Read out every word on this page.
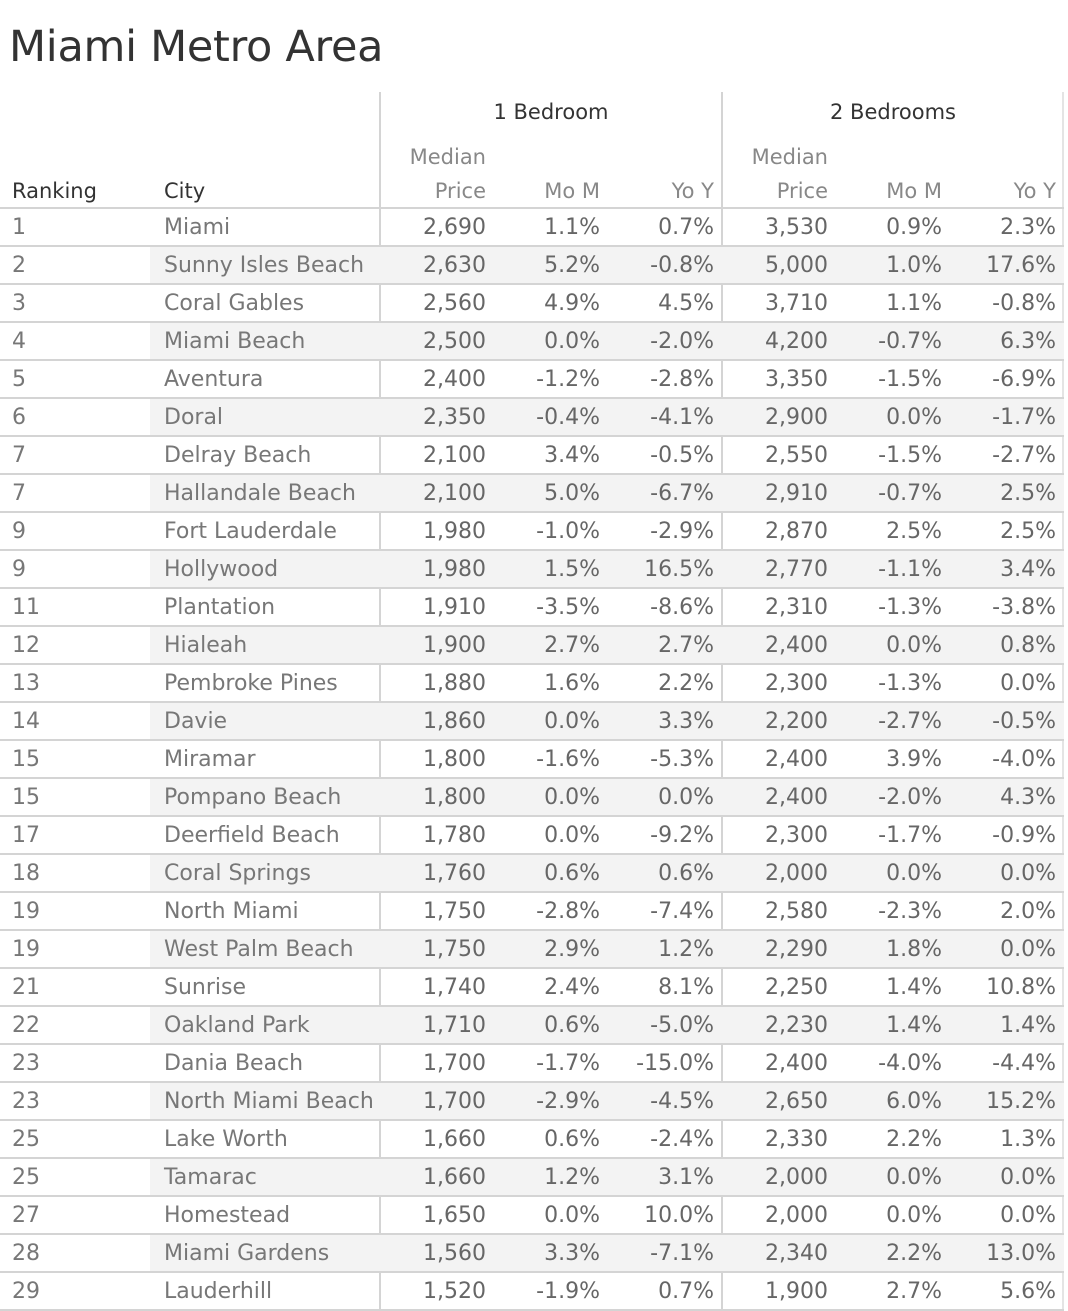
Miami Metro Area
1 Bedroom	2 Bedrooms
Ranking	City
Median
Price	Mo M	Yo Y
Median
Price	Mo M	Yo Y
1	Miami	2,690	1.1%	0.7% 3,530	0.9%	2.3%
2	Sunny Isles Beach	2,630	5.2% -0.8% 5,000	1.0% 17.6%
3	Coral Gables	2,560	4.9%	4.5% 3,710	1.1% -0.8%
4	Miami Beach	2,500	0.0% -2.0% 4,200 -0.7%	6.3%
5	Aventura	2,400 -1.2% -2.8% 3,350 -1.5% -6.9%
6	Doral	2,350 -0.4% -4.1% 2,900	0.0% -1.7%
7	Delray Beach	2,100	3.4% -0.5% 2,550 -1.5% -2.7%
7	Hallandale Beach	2,100	5.0% -6.7% 2,910 -0.7%	2.5%
9	Fort Lauderdale	1,980 -1.0% -2.9% 2,870	2.5%	2.5%
9	Hollywood	1,980	1.5% 16.5% 2,770 -1.1%	3.4%
11	Plantation	1,910 -3.5% -8.6% 2,310 -1.3% -3.8%
12	Hialeah	1,900	2.7%	2.7% 2,400	0.0%	0.8%
13	Pembroke Pines	1,880	1.6%	2.2% 2,300 -1.3%	0.0%
14	Davie	1,860	0.0%	3.3% 2,200 -2.7% -0.5%
15	Miramar	1,800 -1.6% -5.3% 2,400	3.9% -4.0%
15	Pompano Beach	1,800	0.0%	0.0% 2,400 -2.0%	4.3%
17	Deerfield Beach	1,780	0.0% -9.2% 2,300 -1.7% -0.9%
18	Coral Springs	1,760	0.6%	0.6% 2,000	0.0%	0.0%
19	North Miami	1,750 -2.8% -7.4% 2,580 -2.3%	2.0%
19	West Palm Beach	1,750	2.9%	1.2% 2,290	1.8%	0.0%
21	Sunrise	1,740	2.4%	8.1% 2,250	1.4% 10.8%
22	Oakland Park	1,710	0.6% -5.0% 2,230	1.4%	1.4%
23	Dania Beach	1,700 -1.7% -15.0% 2,400 -4.0% -4.4%
23	North Miami Beach 1,700 -2.9% -4.5% 2,650	6.0% 15.2%
25	Lake Worth	1,660	0.6% -2.4% 2,330	2.2%	1.3%
25	Tamarac	1,660	1.2%	3.1% 2,000	0.0%	0.0%
27	Homestead	1,650	0.0% 10.0% 2,000	0.0%	0.0%
28	Miami Gardens	1,560	3.3% -7.1% 2,340	2.2% 13.0%
29	Lauderhill	1,520 -1.9%	0.7% 1,900	2.7%	5.6%
